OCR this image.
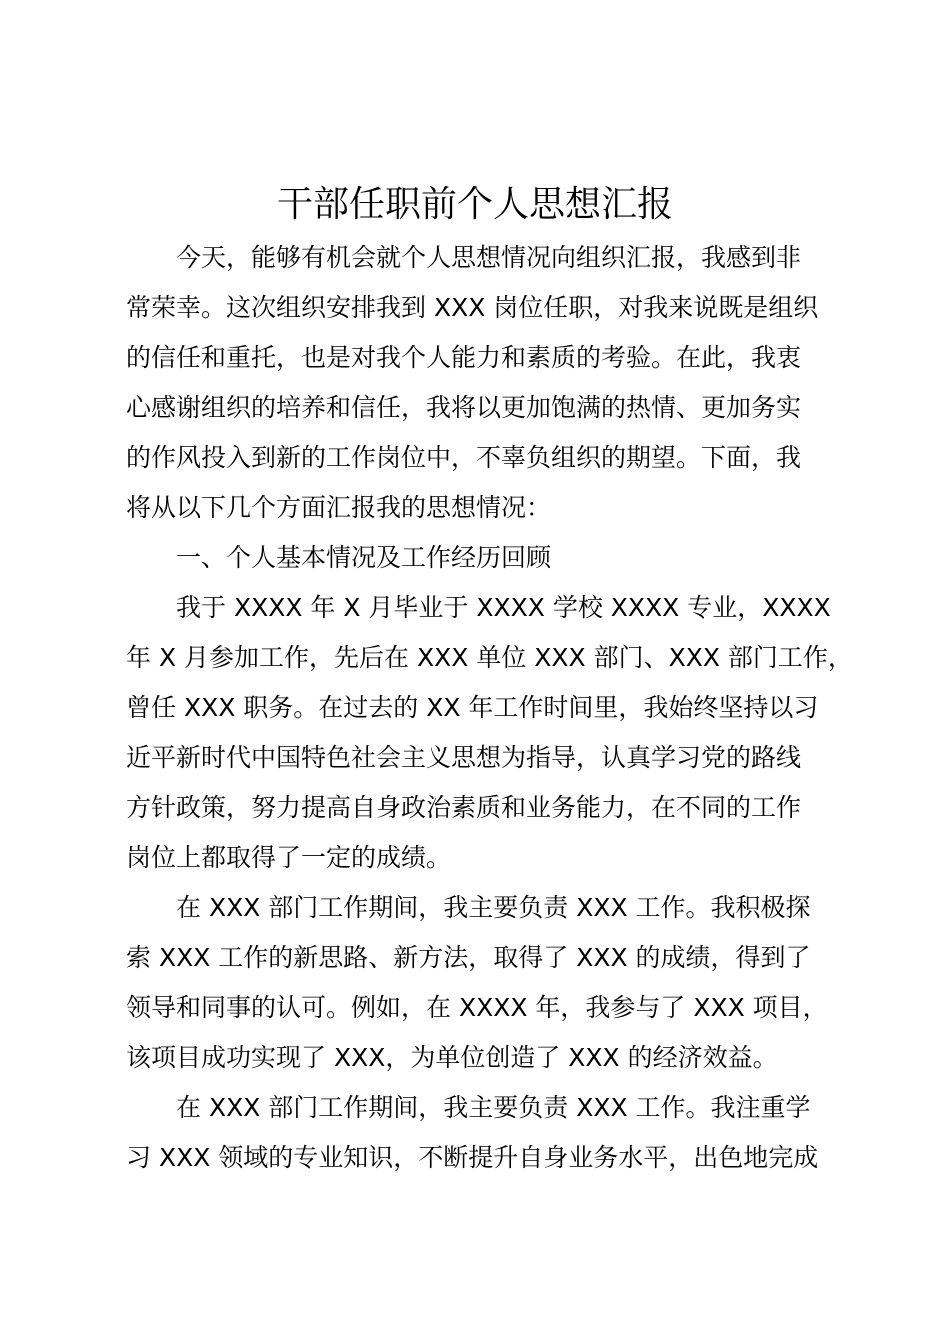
干部任职前个人思想汇报
今天，能够有机会就个人思想情况向组织汇报，我感到非
常荣幸。这次组织安排我到 XXX 岗位任职，对我来说既是组织
的信任和重托，也是对我个人能力和素质的考验。在此，我衷
心感谢组织的培养和信任，我将以更加饱满的热情、更加务实
的作风投入到新的工作岗位中，不辜负组织的期望。下面，我
将从以下几个方面汇报我的思想情况：
一、个人基本情况及工作经历回顾
我于 XXXX 年 X 月毕业于 XXXX 学校 XXXX 专业，XXXX
年 X 月参加工作，先后在 XXX 单位 XXX 部门、XXX 部门工作，
曾任 XXX 职务。在过去的 XX 年工作时间里，我始终坚持以习
近平新时代中国特色社会主义思想为指导，认真学习党的路线
方针政策，努力提高自身政治素质和业务能力，在不同的工作
岗位上都取得了一定的成绩。
在 XXX 部门工作期间，我主要负责 XXX 工作。我积极探
索 XXX 工作的新思路、新方法，取得了 XXX 的成绩，得到了
领导和同事的认可。例如，在 XXXX 年，我参与了 XXX 项目，
该项目成功实现了 XXX，为单位创造了 XXX 的经济效益。
在 XXX 部门工作期间，我主要负责 XXX 工作。我注重学
习 XXX 领域的专业知识，不断提升自身业务水平，出色地完成
